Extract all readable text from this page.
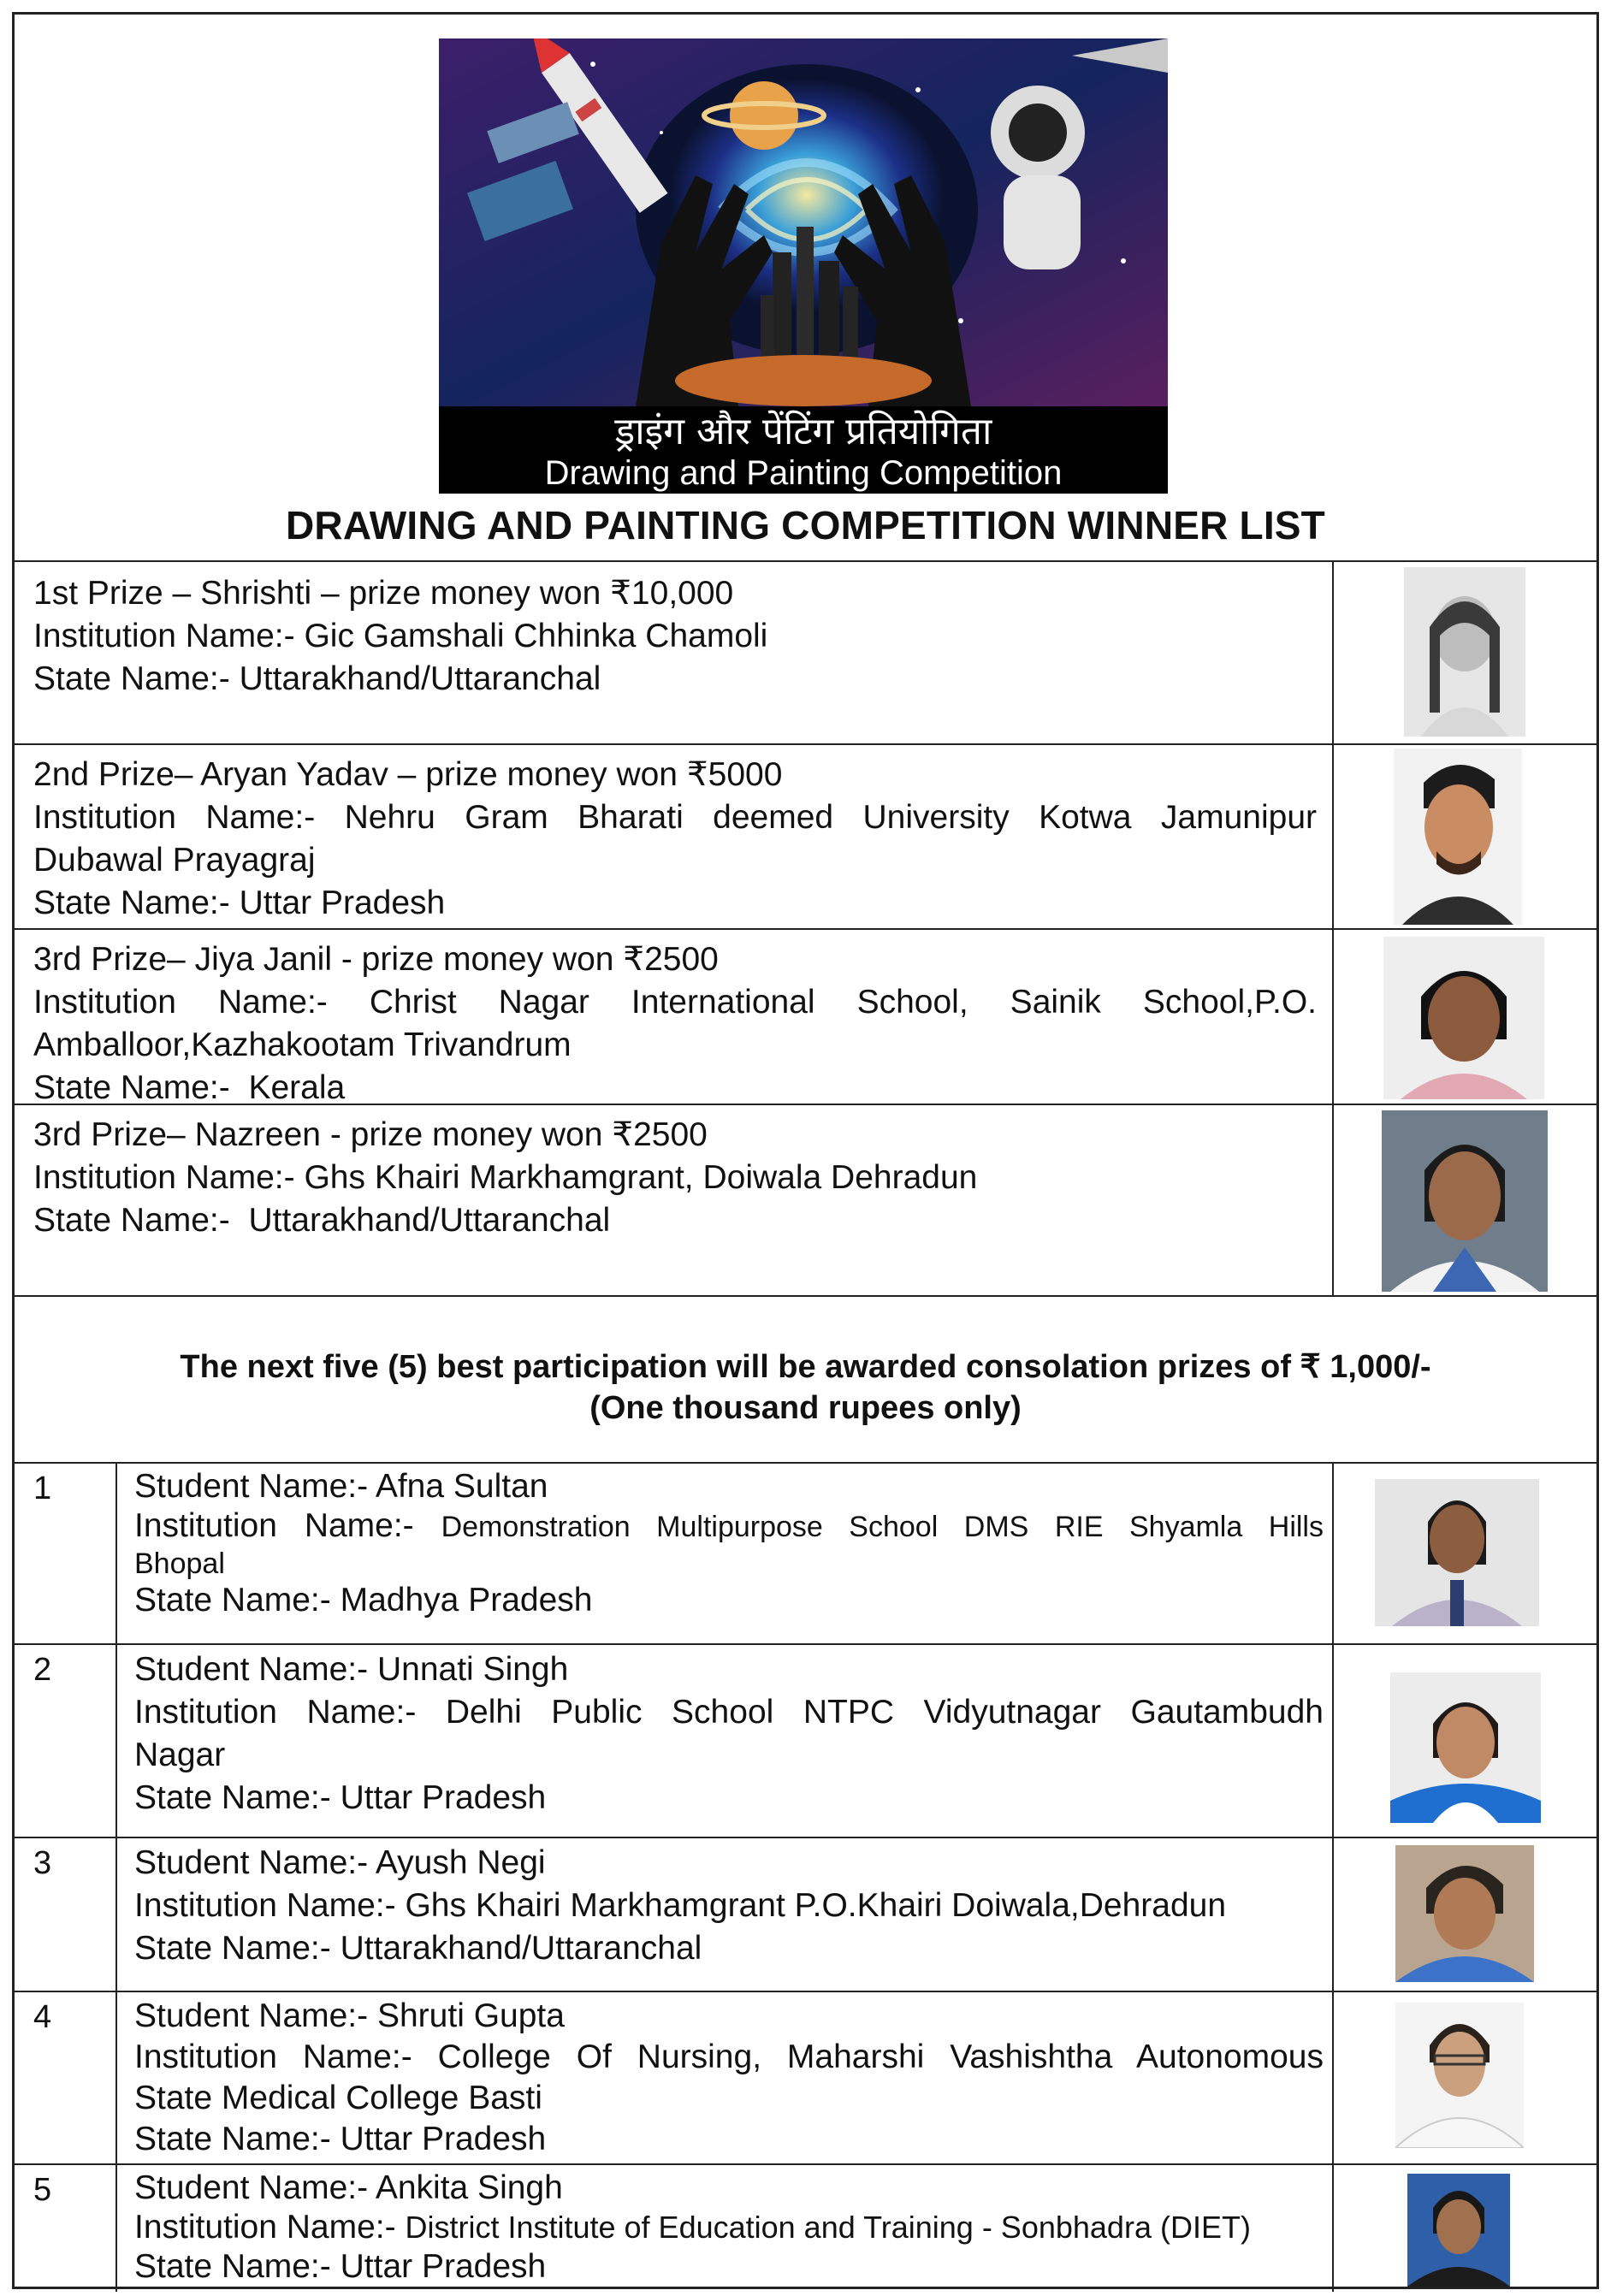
ड्राइंग और पेंटिंग प्रतियोगिता
Drawing and Painting Competition
DRAWING AND PAINTING COMPETITION WINNER LIST
1st Prize – Shrishti – prize money won ₹10,000
Institution Name:- Gic Gamshali Chhinka Chamoli
State Name:- Uttarakhand/Uttaranchal
2nd Prize– Aryan Yadav – prize money won ₹5000
Institution Name:- Nehru Gram Bharati deemed University Kotwa Jamunipur
Dubawal Prayagraj
State Name:- Uttar Pradesh
3rd Prize– Jiya Janil - prize money won ₹2500
Institution Name:- Christ Nagar International School, Sainik School,P.O.
Amballoor,Kazhakootam Trivandrum
State Name:- Kerala
3rd Prize– Nazreen - prize money won ₹2500
Institution Name:- Ghs Khairi Markhamgrant, Doiwala Dehradun
State Name:- Uttarakhand/Uttaranchal
The next five (5) best participation will be awarded consolation prizes of ₹ 1,000/-
(One thousand rupees only)
1 Student Name:- Afna Sultan
Institution Name:- Demonstration Multipurpose School DMS RIE Shyamla Hills
Bhopal
State Name:- Madhya Pradesh
2 Student Name:- Unnati Singh
Institution Name:- Delhi Public School NTPC Vidyutnagar Gautambudh
Nagar
State Name:- Uttar Pradesh
3 Student Name:- Ayush Negi
Institution Name:- Ghs Khairi Markhamgrant P.O.Khairi Doiwala,Dehradun
State Name:- Uttarakhand/Uttaranchal
4 Student Name:- Shruti Gupta
Institution Name:- College Of Nursing, Maharshi Vashishtha Autonomous
State Medical College Basti
State Name:- Uttar Pradesh
5 Student Name:- Ankita Singh
Institution Name:- District Institute of Education and Training - Sonbhadra (DIET)
State Name:- Uttar Pradesh
